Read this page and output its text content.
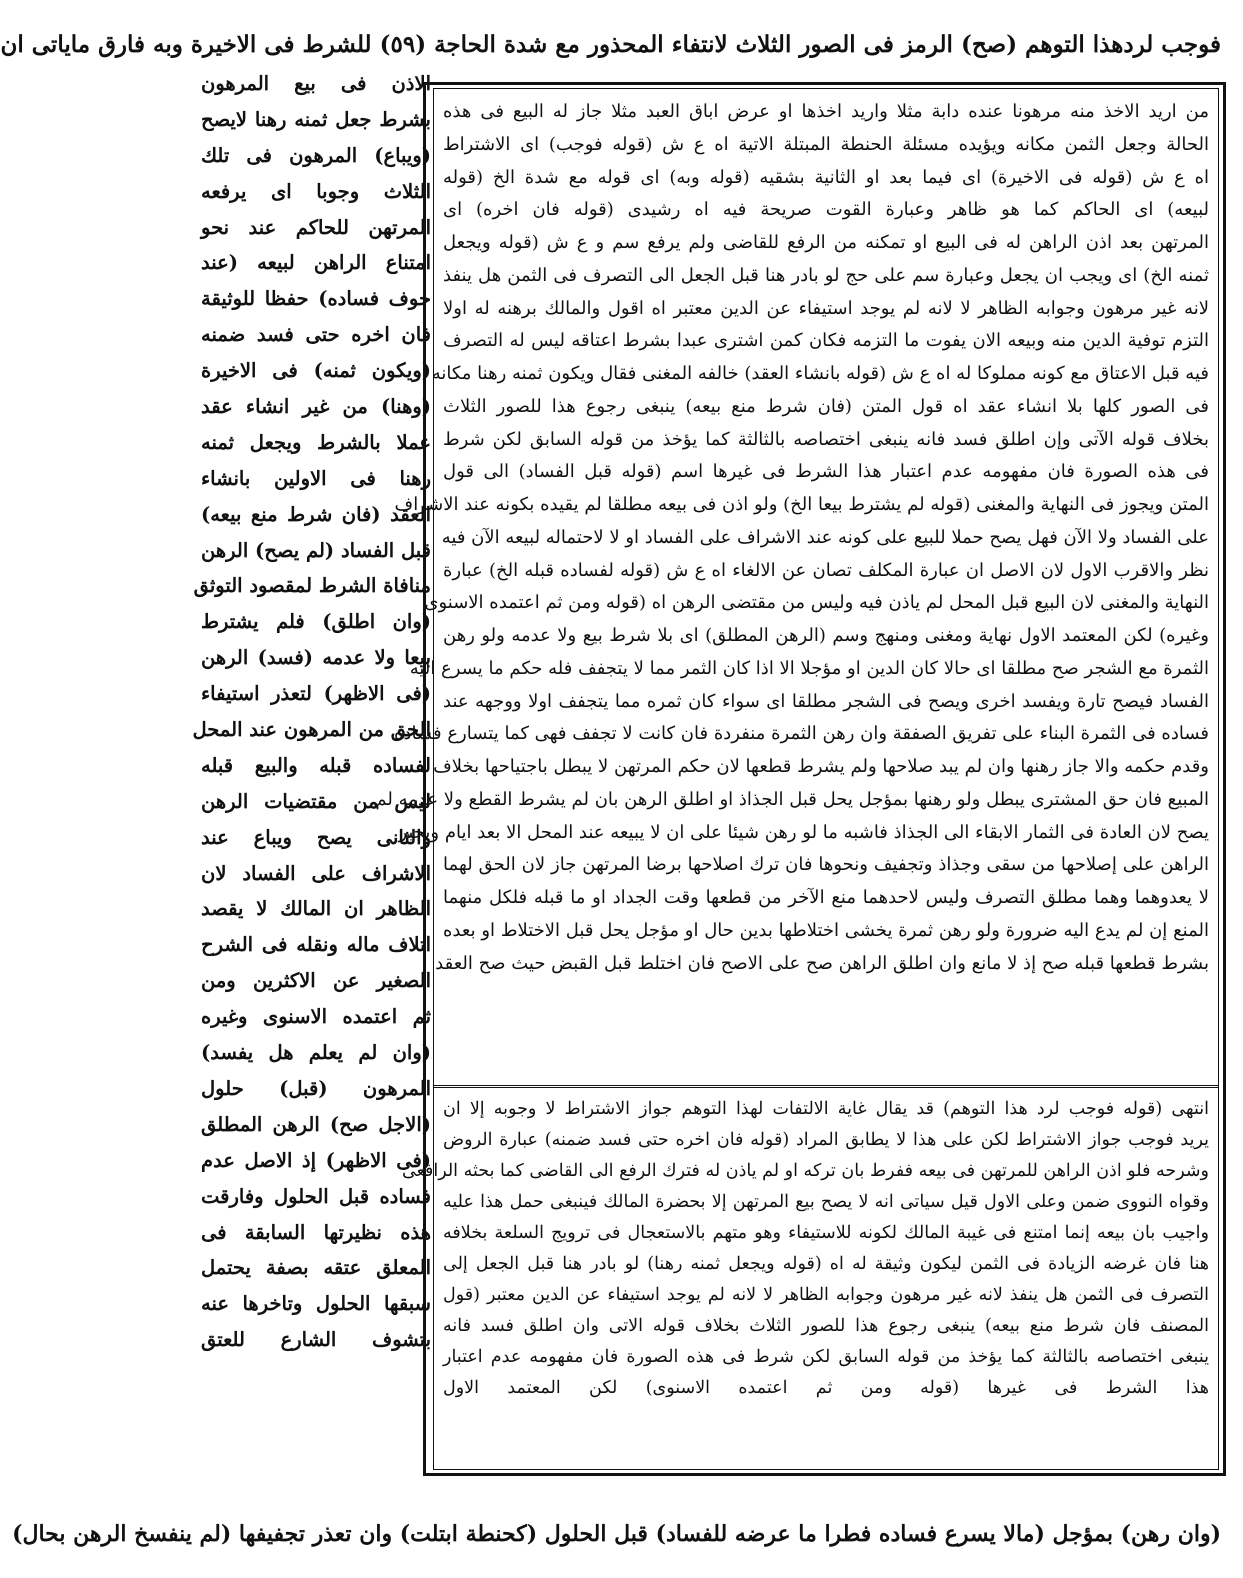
فوجب لردهذا التوهم (صح) الرمز فى الصور الثلاث لانتفاء المحذور مع شدة الحاجة (٥٩) للشرط فى الاخيرة وبه فارق ماياتى ان
الاذن فى بيع المرهون
بشرط جعل ثمنه رهنا لايصح
(ويباع) المرهون فى تلك
الثلاث وجوبا اى يرفعه
المرتهن للحاكم عند نحو
امتناع الراهن لبيعه (عند
خوف فساده) حفظا للوثيقة
فان اخره حتى فسد ضمنه
(ويكون ثمنه) فى الاخيرة
(وهنا) من غير انشاء عقد
عملا بالشرط ويجعل ثمنه
رهنا فى الاولين بانشاء
العقد (فان شرط منع بيعه)
قبل الفساد (لم يصح) الرهن
منافاة الشرط لمقصود التوثق
(وان اطلق) فلم يشترط
بيعا ولا عدمه (فسد) الرهن
(فى الاظهر) لتعذر استيفاء
الحق من المرهون عند المحل
لفساده قبله والبيع قبله
ليس من مقتضيات الرهن
والثانى يصح ويباع عند
الاشراف على الفساد لان
الظاهر ان المالك لا يقصد
اتلاف ماله ونقله فى الشرح
الصغير عن الاكثرين ومن
ثم اعتمده الاسنوى وغيره
(وان لم يعلم هل يفسد)
المرهون (قبل) حلول
(الاجل صح) الرهن المطلق
(فى الاظهر) إذ الاصل عدم
فساده قبل الحلول وفارقت
هذه نظيرتها السابقة فى
المعلق عتقه بصفة يحتمل
سبقها الحلول وتاخرها عنه
بتشوف الشارع للعتق
من اريد الاخذ منه مرهونا عنده دابة مثلا واريد اخذها او عرض اباق العبد مثلا جاز له البيع فى هذه
الحالة وجعل الثمن مكانه ويؤيده مسئلة الحنطة المبتلة الاتية اه ع ش (قوله فوجب) اى الاشتراط
اه ع ش (قوله فى الاخيرة) اى فيما بعد او الثانية بشقيه (قوله وبه) اى قوله مع شدة الخ (قوله
لبيعه) اى الحاكم كما هو ظاهر وعبارة القوت صريحة فيه اه رشيدى (قوله فان اخره) اى
المرتهن بعد اذن الراهن له فى البيع او تمكنه من الرفع للقاضى ولم يرفع سم و ع ش (قوله ويجعل
ثمنه الخ) اى ويجب ان يجعل وعبارة سم على حج لو بادر هنا قبل الجعل الى التصرف فى الثمن هل ينفذ
لانه غير مرهون وجوابه الظاهر لا لانه لم يوجد استيفاء عن الدين معتبر اه اقول والمالك برهنه له اولا
التزم توفية الدين منه وبيعه الان يفوت ما التزمه فكان كمن اشترى عبدا بشرط اعتاقه ليس له التصرف
فيه قبل الاعتاق مع كونه مملوكا له اه ع ش (قوله بانشاء العقد) خالفه المغنى فقال ويكون ثمنه رهنا مكانه
فى الصور كلها بلا انشاء عقد اه قول المتن (فان شرط منع بيعه) ينبغى رجوع هذا للصور الثلاث
بخلاف قوله الآتى وإن اطلق فسد فانه ينبغى اختصاصه بالثالثة كما يؤخذ من قوله السابق لكن شرط
فى هذه الصورة فان مفهومه عدم اعتبار هذا الشرط فى غيرها اسم (قوله قبل الفساد) الى قول
المتن ويجوز فى النهاية والمغنى (قوله لم يشترط بيعا الخ) ولو اذن فى بيعه مطلقا لم يقيده بكونه عند الاشراف
على الفساد ولا الآن فهل يصح حملا للبيع على كونه عند الاشراف على الفساد او لا لاحتماله لبيعه الآن فيه
نظر والاقرب الاول لان الاصل ان عبارة المكلف تصان عن الالغاء اه ع ش (قوله لفساده قبله الخ) عبارة
النهاية والمغنى لان البيع قبل المحل لم ياذن فيه وليس من مقتضى الرهن اه (قوله ومن ثم اعتمده الاسنوى
وغيره) لكن المعتمد الاول نهاية ومغنى ومنهج وسم (الرهن المطلق) اى بلا شرط بيع ولا عدمه ولو رهن
الثمرة مع الشجر صح مطلقا اى حالا كان الدين او مؤجلا الا اذا كان الثمر مما لا يتجفف فله حكم ما يسرع اليه
الفساد فيصح تارة ويفسد اخرى ويصح فى الشجر مطلقا اى سواء كان ثمره مما يتجفف اولا ووجهه عند
فساده فى الثمرة البناء على تفريق الصفقة وان رهن الثمرة منفردة فان كانت لا تجفف فهى كما يتسارع فساده
وقدم حكمه والا جاز رهنها وان لم يبد صلاحها ولم يشرط قطعها لان حكم المرتهن لا يبطل باجتياحها بخلاف
المبيع فان حق المشترى يبطل ولو رهنها بمؤجل يحل قبل الجذاذ او اطلق الرهن بان لم يشرط القطع ولا عدمه لم
يصح لان العادة فى الثمار الابقاء الى الجذاذ فاشبه ما لو رهن شيئا على ان لا يبيعه عند المحل الا بعد ايام ويجبر
الراهن على إصلاحها من سقى وجذاذ وتجفيف ونحوها فان ترك اصلاحها برضا المرتهن جاز لان الحق لهما
لا يعدوهما وهما مطلق التصرف وليس لاحدهما منع الآخر من قطعها وقت الجداد او ما قبله فلكل منهما
المنع إن لم يدع اليه ضرورة ولو رهن ثمرة يخشى اختلاطها بدين حال او مؤجل يحل قبل الاختلاط او بعده
بشرط قطعها قبله صح إذ لا مانع وان اطلق الراهن صح على الاصح فان اختلط قبل القبض حيث صح العقد
انتهى (قوله فوجب لرد هذا التوهم) قد يقال غاية الالتفات لهذا التوهم جواز الاشتراط لا وجوبه إلا ان
يريد فوجب جواز الاشتراط لكن على هذا لا يطابق المراد (قوله فان اخره حتى فسد ضمنه) عبارة الروض
وشرحه فلو اذن الراهن للمرتهن فى بيعه ففرط بان تركه او لم ياذن له فترك الرفع الى القاضى كما بحثه الرافعى
وقواه النووى ضمن وعلى الاول قيل سياتى انه لا يصح بيع المرتهن إلا بحضرة المالك فينبغى حمل هذا عليه
واجيب بان بيعه إنما امتنع فى غيبة المالك لكونه للاستيفاء وهو متهم بالاستعجال فى ترويج السلعة بخلافه
هنا فان غرضه الزيادة فى الثمن ليكون وثيقة له اه (قوله ويجعل ثمنه رهنا) لو بادر هنا قبل الجعل إلى
التصرف فى الثمن هل ينفذ لانه غير مرهون وجوابه الظاهر لا لانه لم يوجد استيفاء عن الدين معتبر (قول
المصنف فان شرط منع بيعه) ينبغى رجوع هذا للصور الثلاث بخلاف قوله الاتى وان اطلق فسد فانه
ينبغى اختصاصه بالثالثة كما يؤخذ من قوله السابق لكن شرط فى هذه الصورة فان مفهومه عدم اعتبار
هذا الشرط فى غيرها (قوله ومن ثم اعتمده الاسنوى) لكن المعتمد الاول
(وان رهن) بمؤجل (مالا يسرع فساده فطرا ما عرضه للفساد) قبل الحلول (كحنطة ابتلت) وان تعذر تجفيفها (لم ينفسخ الرهن بحال)
